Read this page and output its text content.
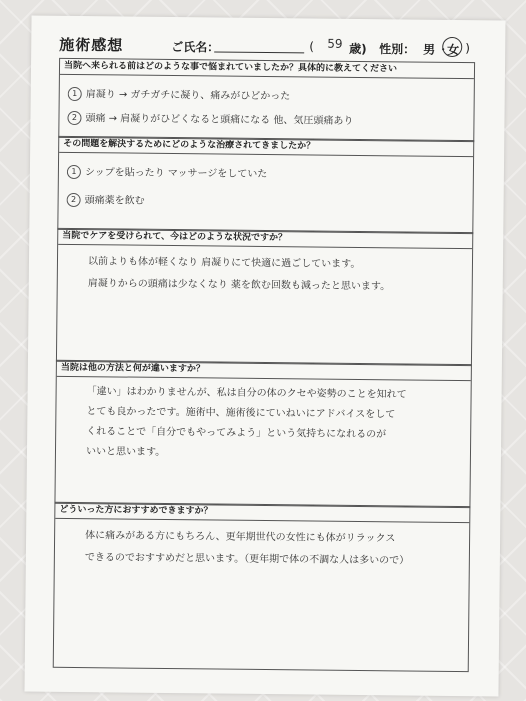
施術感想	ご氏名：	( 59 歳) 性別： 男 ・
女 )
当院へ来られる前はどのような事で悩まれていましたか？具体的に教えてください
1 肩凝り → ガチガチに凝り、痛みがひどかった
2 頭痛 → 肩凝りがひどくなると頭痛になる 他、気圧頭痛あり
その問題を解決するためにどのような治療されてきましたか？
1 シップを貼ったり マッサージをしていた
2 頭痛薬を飲む
当院でケアを受けられて、今はどのような状況ですか？
以前よりも体が軽くなり 肩凝りにて快適に過ごしています。
肩凝りからの頭痛は少なくなり 薬を飲む回数も減ったと思います。
当院は他の方法と何が違いますか？
「違い」はわかりませんが、私は自分の体のクセや姿勢のことを知れて
とても良かったです。施術中、施術後にていねいにアドバイスをして
くれることで「自分でもやってみよう」という気持ちになれるのが
いいと思います。
どういった方におすすめできますか？
体に痛みがある方にもちろん、更年期世代の女性にも体がリラックス
できるのでおすすめだと思います。（更年期で体の不調な人は多いので）
